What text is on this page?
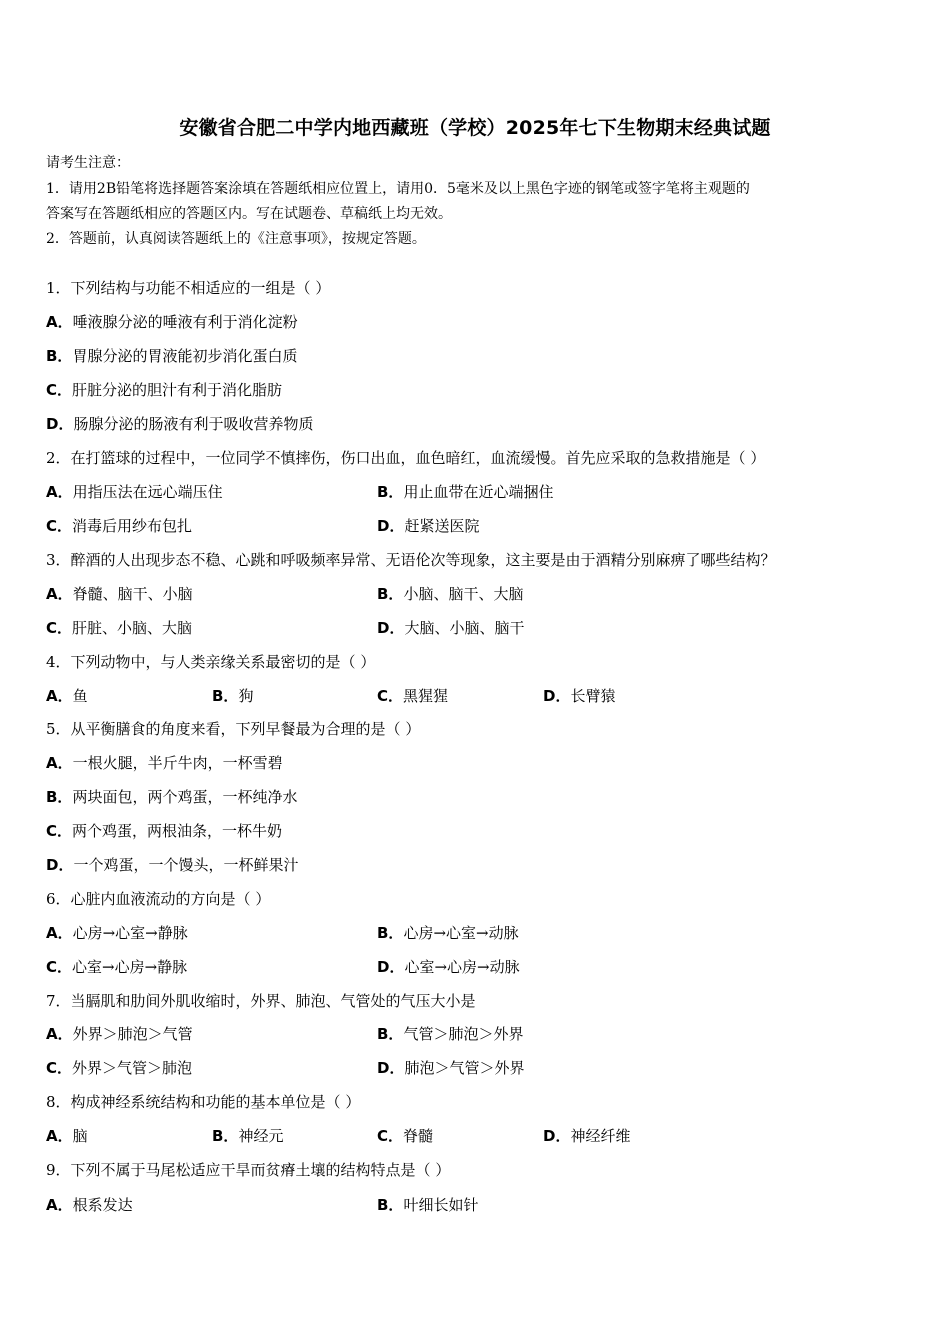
安徽省合肥二中学内地西藏班（学校）2025年七下生物期末经典试题
请考生注意：
1．请用2B铅笔将选择题答案涂填在答题纸相应位置上，请用0．5毫米及以上黑色字迹的钢笔或签字笔将主观题的
答案写在答题纸相应的答题区内。写在试题卷、草稿纸上均无效。
2．答题前，认真阅读答题纸上的《注意事项》，按规定答题。
1．下列结构与功能不相适应的一组是（ ）
A．唾液腺分泌的唾液有利于消化淀粉
B．胃腺分泌的胃液能初步消化蛋白质
C．肝脏分泌的胆汁有利于消化脂肪
D．肠腺分泌的肠液有利于吸收营养物质
2．在打篮球的过程中，一位同学不慎摔伤，伤口出血，血色暗红，血流缓慢。首先应采取的急救措施是（ ）
A．用指压法在远心端压住	B．用止血带在近心端捆住
C．消毒后用纱布包扎	D．赶紧送医院
3．醉酒的人出现步态不稳、心跳和呼吸频率异常、无语伦次等现象，这主要是由于酒精分别麻痹了哪些结构？
A．脊髓、脑干、小脑	B．小脑、脑干、大脑
C．肝脏、小脑、大脑	D．大脑、小脑、脑干
4．下列动物中，与人类亲缘关系最密切的是（ ）
A．鱼	B．狗	C．黑猩猩	D．长臂猿
5．从平衡膳食的角度来看，下列早餐最为合理的是（ ）
A．一根火腿，半斤牛肉，一杯雪碧
B．两块面包，两个鸡蛋，一杯纯净水
C．两个鸡蛋，两根油条，一杯牛奶
D．一个鸡蛋，一个馒头，一杯鲜果汁
6．心脏内血液流动的方向是（ ）
A．心房→心室→静脉	B．心房→心室→动脉
C．心室→心房→静脉	D．心室→心房→动脉
7．当膈肌和肋间外肌收缩时，外界、肺泡、气管处的气压大小是
A．外界＞肺泡＞气管	B．气管＞肺泡＞外界
C．外界＞气管＞肺泡	D．肺泡＞气管＞外界
8．构成神经系统结构和功能的基本单位是（ ）
A．脑	B．神经元	C．脊髓	D．神经纤维
9．下列不属于马尾松适应干旱而贫瘠土壤的结构特点是（ ）
A．根系发达	B．叶细长如针
